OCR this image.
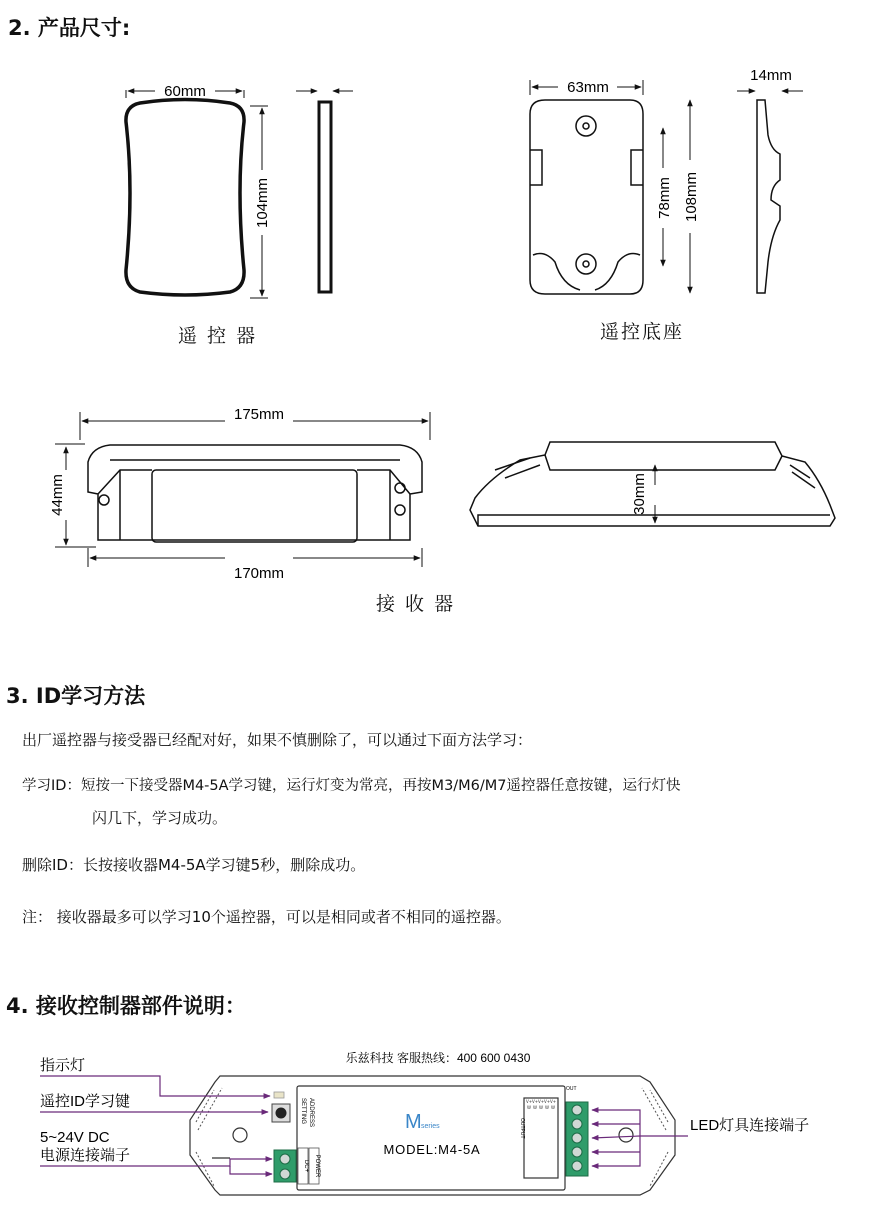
2. 产品尺寸:
60mm
104mm
63mm
78mm 108mm
14mm
175mm
44mm
170mm
30mm
遥 控 器	遥控底座
接 收 器
3. ID学习方法
出厂遥控器与接受器已经配对好，如果不慎删除了，可以通过下面方法学习：
学习ID：短按一下接受器M4-5A学习键，运行灯变为常亮，再按M3/M6/M7遥控器任意按键，运行灯快
闪几下，学习成功。
删除ID：长按接收器M4-5A学习键5秒，删除成功。
注： 接收器最多可以学习10个遥控器，可以是相同或者不相同的遥控器。
4. 接收控制器部件说明：
DC+ POWER
OUT
ADDRESS
SETTING
OUTPUT
M series
MODEL:M4-5A
乐兹科技 客服热线：400 600 0430
指示灯
遥控ID学习键
5~24V DC
电源连接端子
LED灯具连接端子
V+ W
V+ W
V+ W
V+ W
V+ W
